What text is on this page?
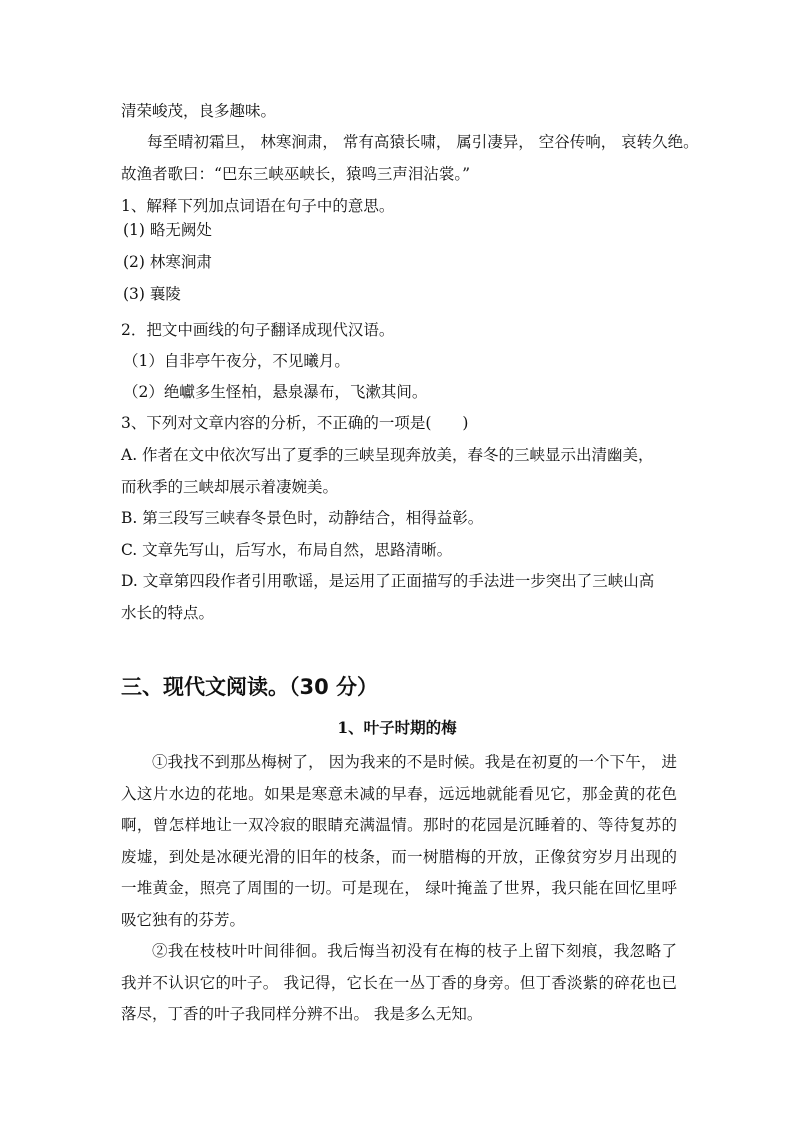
清荣峻茂，良多趣味。

每至晴初霜旦， 林寒涧肃， 常有高猿长啸， 属引凄异， 空谷传响， 哀转久绝。

故渔者歌曰：“巴东三峡巫峡长，猿鸣三声泪沾裳。”

1、解释下列加点词语在句子中的意思。

(1) 略无阙处

(2) 林寒涧肃

(3) 襄陵

2．把文中画线的句子翻译成现代汉语。

（1）自非亭午夜分，不见曦月。

（2）绝巘多生怪柏，悬泉瀑布，飞漱其间。

3、下列对文章内容的分析，不正确的一项是(　　)

A. 作者在文中依次写出了夏季的三峡呈现奔放美，春冬的三峡显示出清幽美，

而秋季的三峡却展示着凄婉美。

B. 第三段写三峡春冬景色时，动静结合，相得益彰。

C. 文章先写山，后写水，布局自然，思路清晰。

D. 文章第四段作者引用歌谣，是运用了正面描写的手法进一步突出了三峡山高

水长的特点。

三、现代文阅读。（30 分）
1、叶子时期的梅

①我找不到那丛梅树了， 因为我来的不是时候。我是在初夏的一个下午， 进入这片水边的花地。如果是寒意未减的早春，远远地就能看见它，那金黄的花色啊，曾怎样地让一双冷寂的眼睛充满温情。那时的花园是沉睡着的、等待复苏的废墟，到处是冰硬光滑的旧年的枝条，而一树腊梅的开放，正像贫穷岁月出现的一堆黄金，照亮了周围的一切。可是现在， 绿叶掩盖了世界，我只能在回忆里呼吸它独有的芬芳。

②我在枝枝叶叶间徘徊。我后悔当初没有在梅的枝子上留下刻痕，我忽略了我并不认识它的叶子。 我记得，它长在一丛丁香的身旁。但丁香淡紫的碎花也已落尽，丁香的叶子我同样分辨不出。 我是多么无知。
